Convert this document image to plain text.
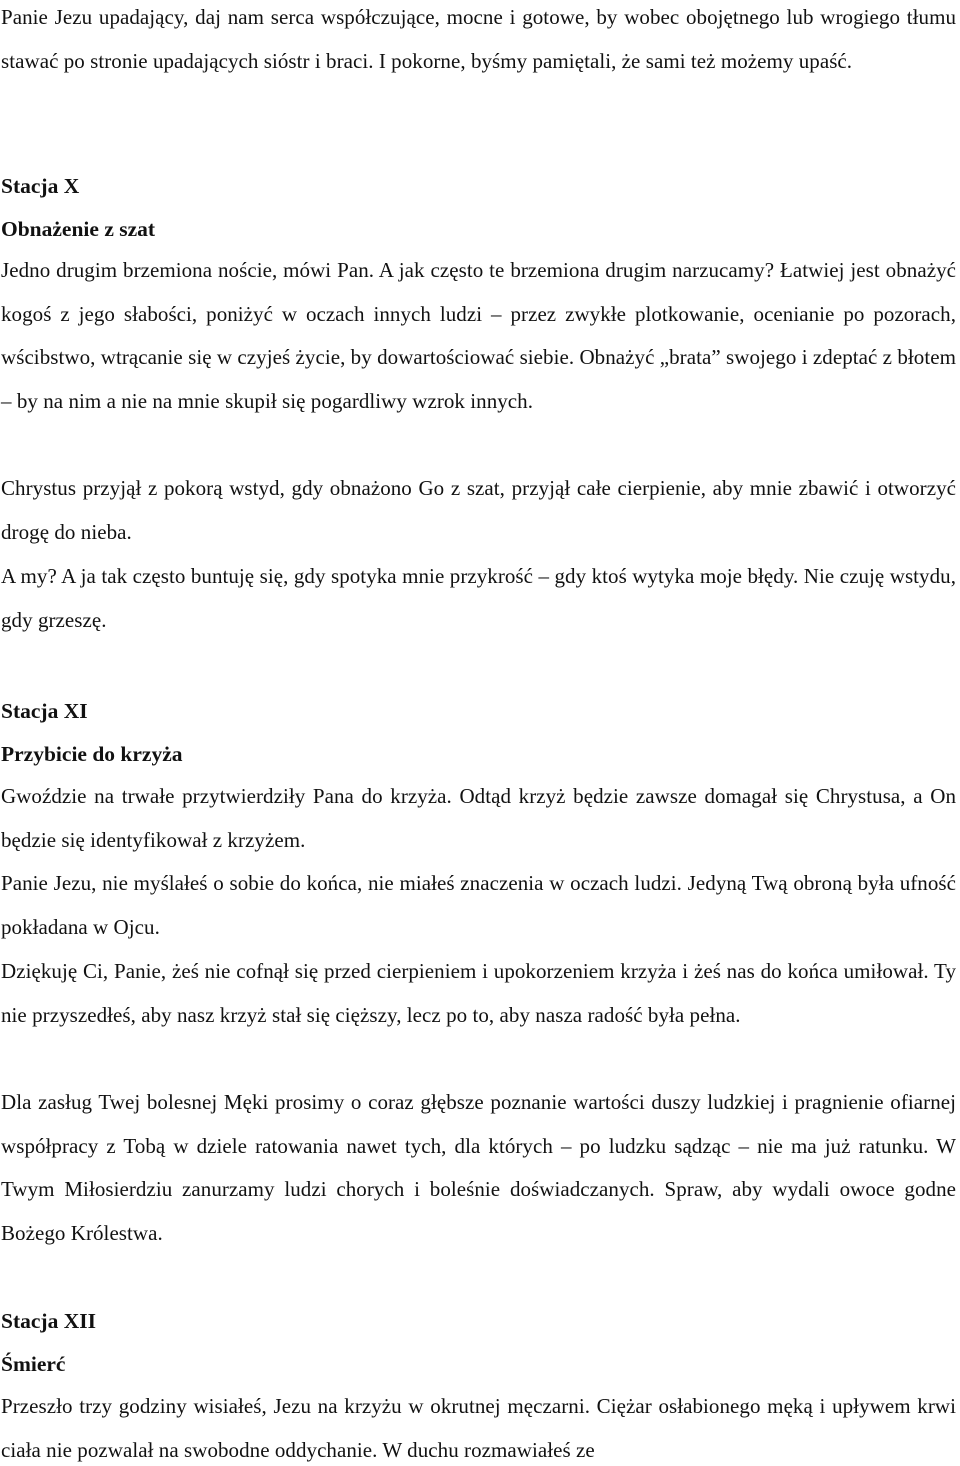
Panie Jezu upadający, daj nam serca współczujące, mocne i gotowe, by wobec obojętnego lub wrogiego tłumu stawać po stronie upadających sióstr i braci. I pokorne, byśmy pamiętali, że sami też możemy upaść.

Stacja X
Obnażenie z szat

Jedno drugim brzemiona noście, mówi Pan. A jak często te brzemiona drugim narzucamy? Łatwiej jest obnażyć kogoś z jego słabości, poniżyć w oczach innych ludzi – przez zwykłe plotkowanie, ocenianie po pozorach, wścibstwo, wtrącanie się w czyjeś życie, by dowartościować siebie. Obnażyć „brata” swojego i zdeptać z błotem – by na nim a nie na mnie skupił się pogardliwy wzrok innych.

Chrystus przyjął z pokorą wstyd, gdy obnażono Go z szat, przyjął całe cierpienie, aby mnie zbawić i otworzyć drogę do nieba.

A my? A ja tak często buntuję się, gdy spotyka mnie przykrość – gdy ktoś wytyka moje błędy. Nie czuję wstydu, gdy grzeszę.

Stacja XI
Przybicie do krzyża

Gwoździe na trwałe przytwierdziły Pana do krzyża. Odtąd krzyż będzie zawsze domagał się Chrystusa, a On będzie się identyfikował z krzyżem.

Panie Jezu, nie myślałeś o sobie do końca, nie miałeś znaczenia w oczach ludzi. Jedyną Twą obroną była ufność pokładana w Ojcu.

Dziękuję Ci, Panie, żeś nie cofnął się przed cierpieniem i upokorzeniem krzyża i żeś nas do końca umiłował. Ty nie przyszedłeś, aby nasz krzyż stał się cięższy, lecz po to, aby nasza radość była pełna.

Dla zasług Twej bolesnej Męki prosimy o coraz głębsze poznanie wartości duszy ludzkiej i pragnienie ofiarnej współpracy z Tobą w dziele ratowania nawet tych, dla których – po ludzku sądząc – nie ma już ratunku. W Twym Miłosierdziu zanurzamy ludzi chorych i boleśnie doświadczanych. Spraw, aby wydali owoce godne Bożego Królestwa.

Stacja XII
Śmierć

Przeszło trzy godziny wisiałeś, Jezu na krzyżu w okrutnej męczarni. Ciężar osłabionego męką i upływem krwi ciała nie pozwalał na swobodne oddychanie. W duchu rozmawiałeś ze
